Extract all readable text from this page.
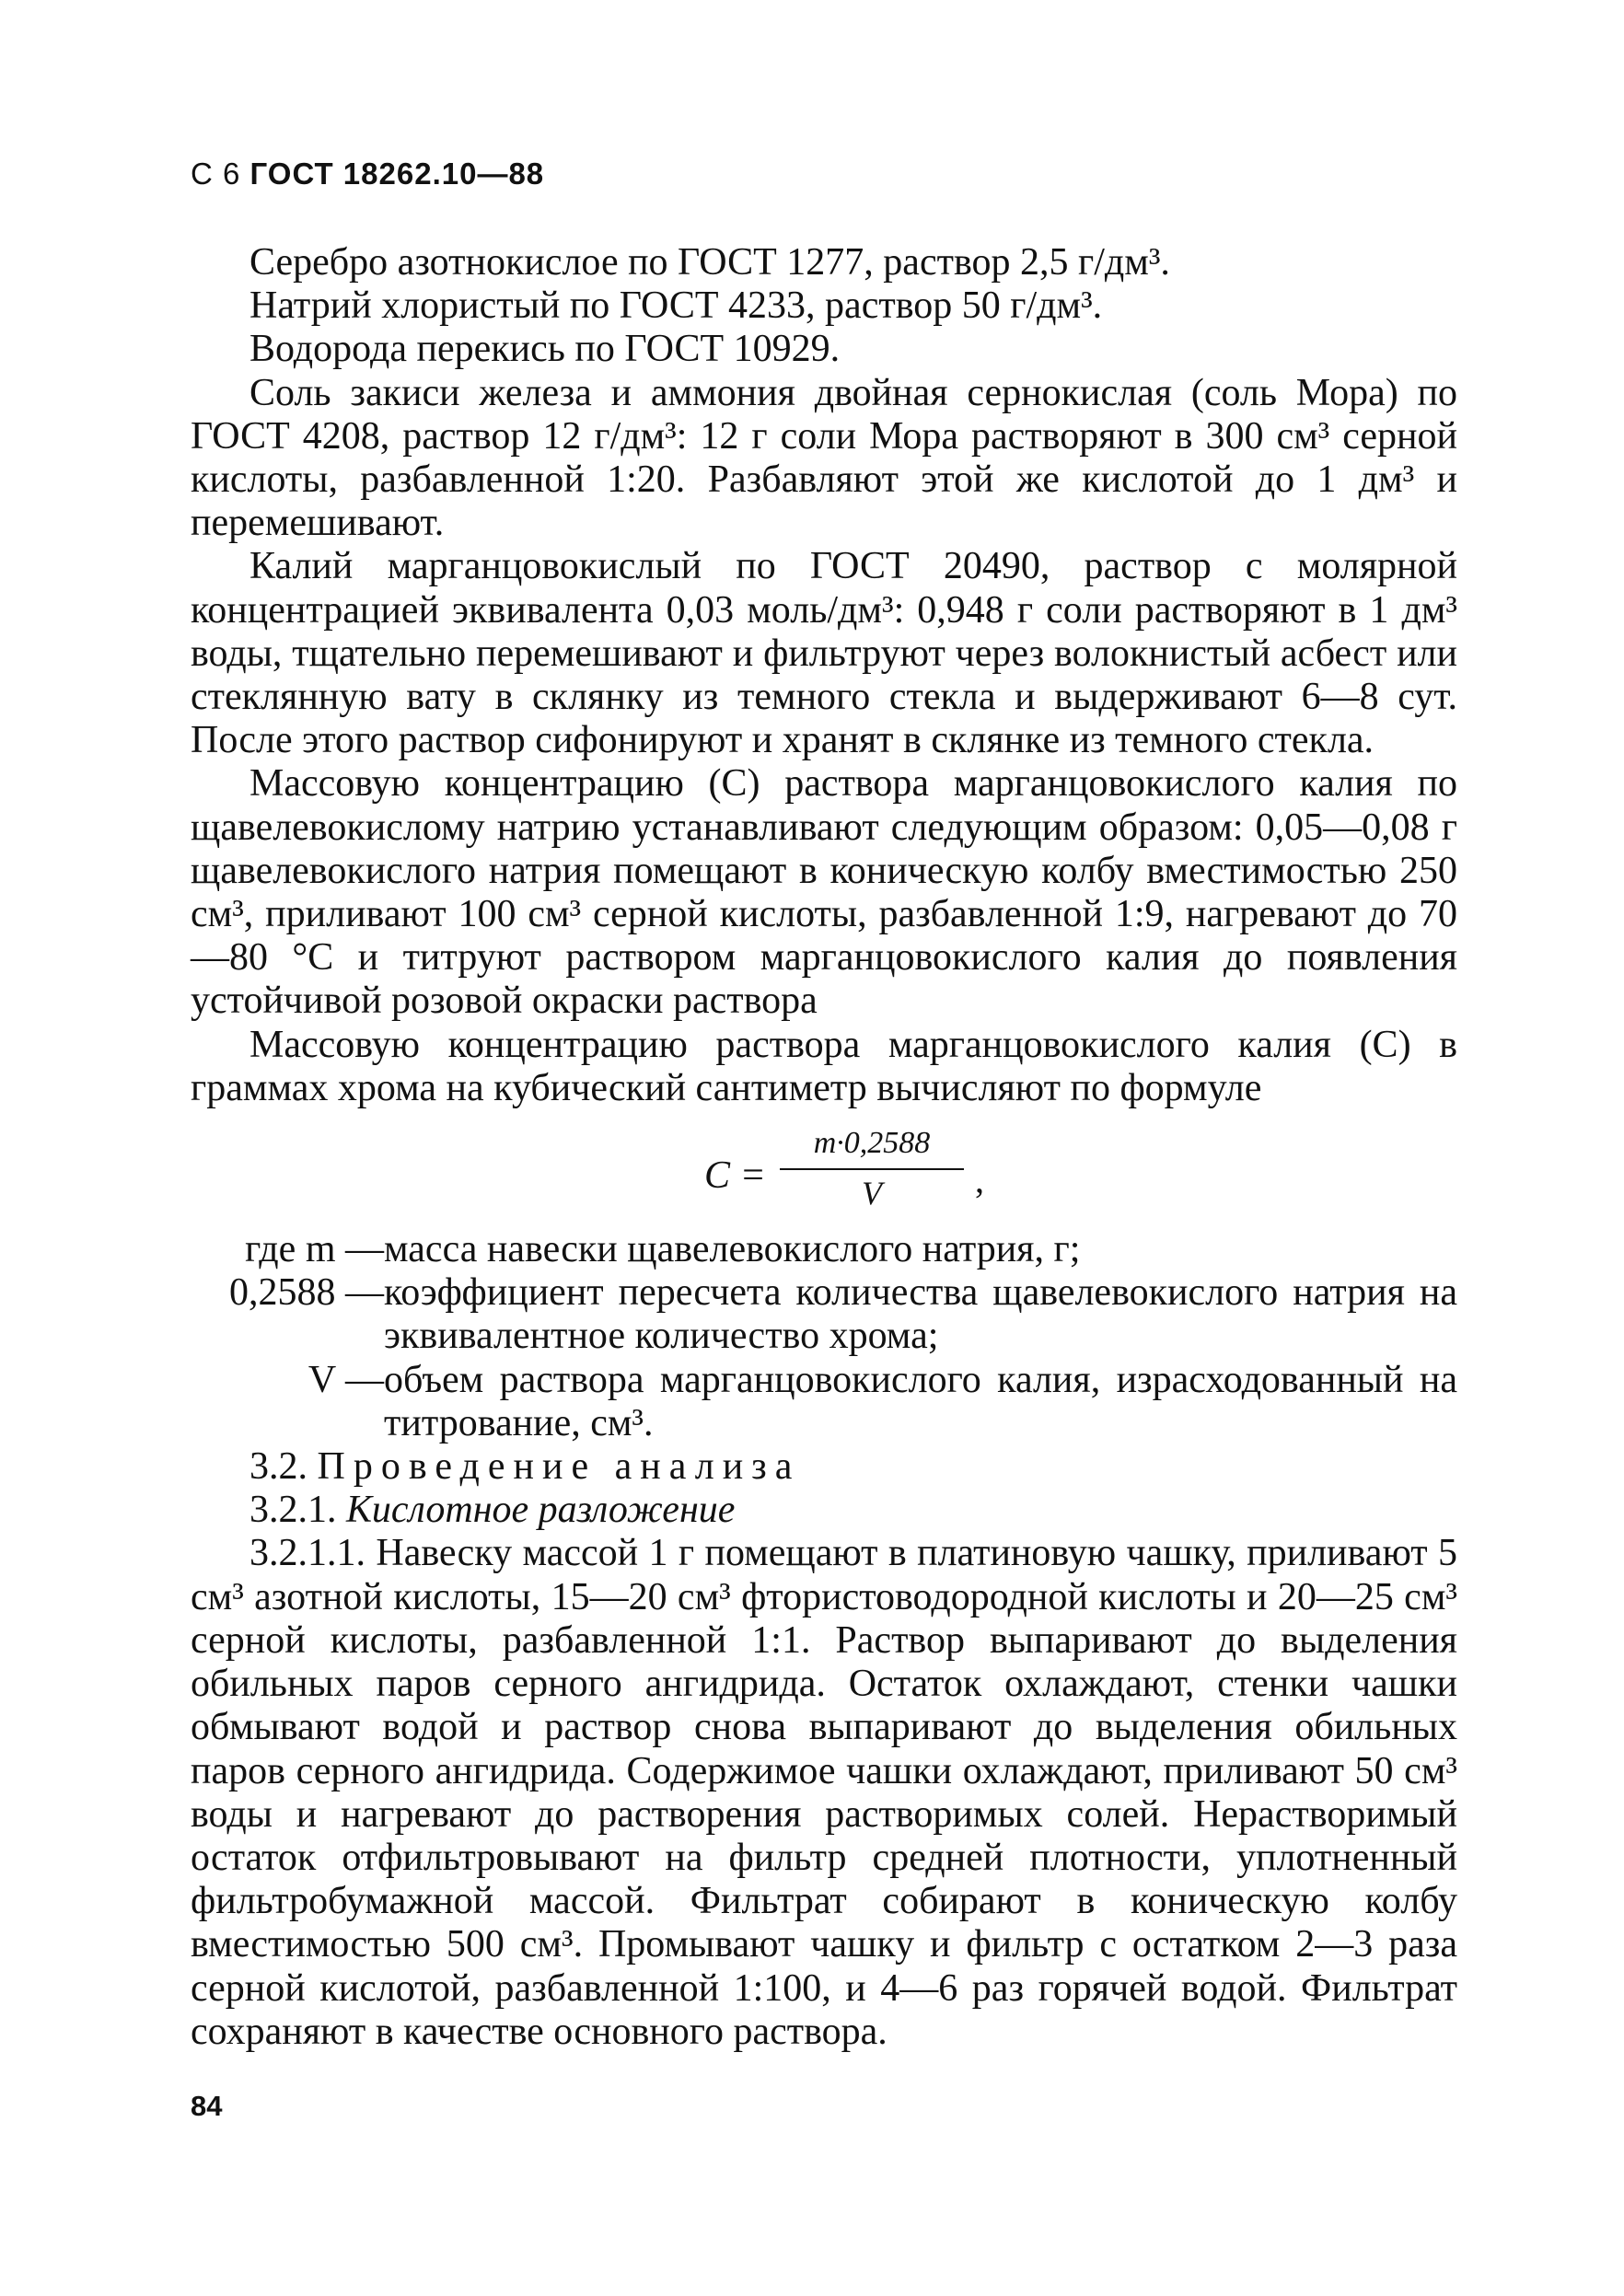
С 6 ГОСТ 18262.10—88

Серебро азотнокислое по ГОСТ 1277, раствор 2,5 г/дм³.

Натрий хлористый по ГОСТ 4233, раствор 50 г/дм³.

Водорода перекись по ГОСТ 10929.

Соль закиси железа и аммония двойная сернокислая (соль Мора) по ГОСТ 4208, раствор 12 г/дм³: 12 г соли Мора растворяют в 300 см³ серной кислоты, разбавленной 1:20. Разбавляют этой же кислотой до 1 дм³ и перемешивают.

Калий марганцовокислый по ГОСТ 20490, раствор с молярной концентрацией эквивалента 0,03 моль/дм³: 0,948 г соли растворяют в 1 дм³ воды, тщательно перемешивают и фильтруют через волокнистый асбест или стеклянную вату в склянку из темного стекла и выдерживают 6—8 сут. После этого раствор сифонируют и хранят в склянке из темного стекла.

Массовую концентрацию (С) раствора марганцовокислого калия по щавелевокислому натрию устанавливают следующим образом: 0,05—0,08 г щавелевокислого натрия помещают в коническую колбу вместимостью 250 см³, приливают 100 см³ серной кислоты, разбавленной 1:9, нагревают до 70—80 °С и титруют раствором марганцовокислого калия до появления устойчивой розовой окраски раствора

Массовую концентрацию раствора марганцовокислого калия (С) в граммах хрома на кубический сантиметр вычисляют по формуле

$С = \frac{m\cdot 0,2588}{V}$ ,
где m — масса навески щавелевокислого натрия, г;
0,2588 — коэффициент пересчета количества щавелевокислого натрия на эквивалентное количество хрома;
V — объем раствора марганцовокислого калия, израсходованный на титрование, см³.

3.2. Проведение анализа

3.2.1. Кислотное разложение

3.2.1.1. Навеску массой 1 г помещают в платиновую чашку, приливают 5 см³ азотной кислоты, 15—20 см³ фтористоводородной кислоты и 20—25 см³ серной кислоты, разбавленной 1:1. Раствор выпаривают до выделения обильных паров серного ангидрида. Остаток охлаждают, стенки чашки обмывают водой и раствор снова выпаривают до выделения обильных паров серного ангидрида. Содержимое чашки охлаждают, приливают 50 см³ воды и нагревают до растворения растворимых солей. Нерастворимый остаток отфильтровывают на фильтр средней плотности, уплотненный фильтробумажной массой. Фильтрат собирают в коническую колбу вместимостью 500 см³. Промывают чашку и фильтр с остатком 2—3 раза серной кислотой, разбавленной 1:100, и 4—6 раз горячей водой. Фильтрат сохраняют в качестве основного раствора.

84
